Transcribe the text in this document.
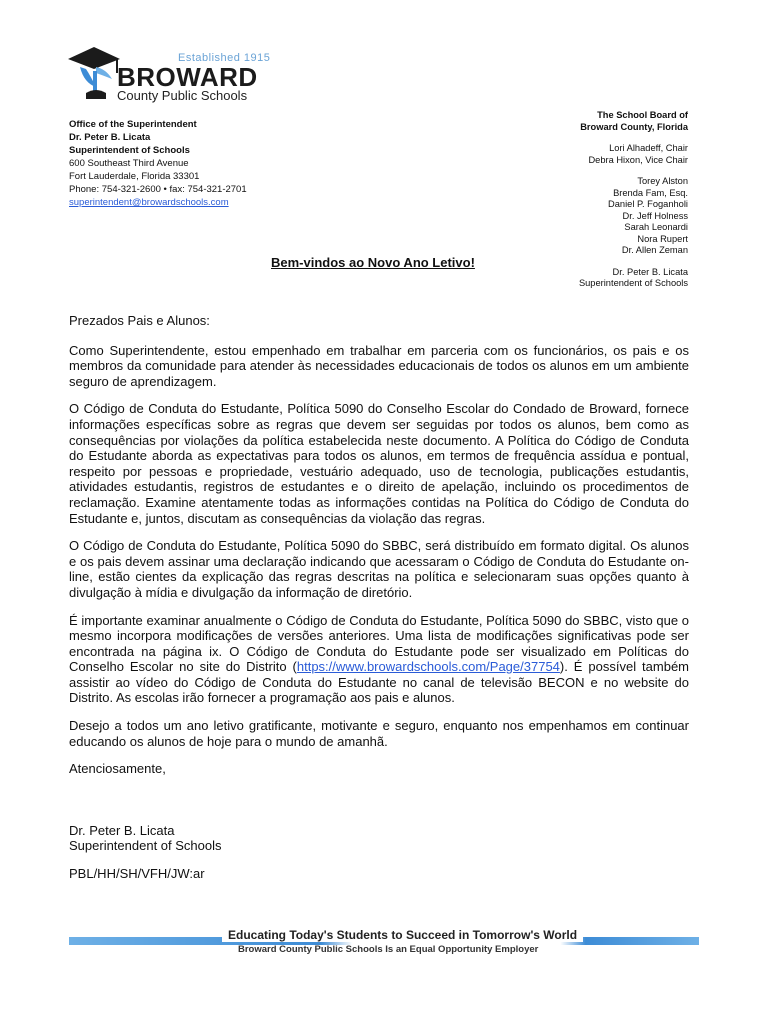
Established 1915
BROWARD
County Public Schools
Office of the Superintendent
Dr. Peter B. Licata
Superintendent of Schools
600 Southeast Third Avenue
Fort Lauderdale, Florida 33301
Phone: 754-321-2600 • fax: 754-321-2701
superintendent@browardschools.com
The School Board of
Broward County, Florida
Lori Alhadeff, Chair
Debra Hixon, Vice Chair
Torey Alston
Brenda Fam, Esq.
Daniel P. Foganholi
Dr. Jeff Holness
Sarah Leonardi
Nora Rupert
Dr. Allen Zeman
Dr. Peter B. Licata
Superintendent of Schools
Bem-vindos ao Novo Ano Letivo!

Prezados Pais e Alunos:

Como Superintendente, estou empenhado em trabalhar em parceria com os funcionários, os pais e os membros da comunidade para atender às necessidades educacionais de todos os alunos em um ambiente seguro de aprendizagem.

O Código de Conduta do Estudante, Política 5090 do Conselho Escolar do Condado de Broward, fornece informações específicas sobre as regras que devem ser seguidas por todos os alunos, bem como as consequências por violações da política estabelecida neste documento. A Política do Código de Conduta do Estudante aborda as expectativas para todos os alunos, em termos de frequência assídua e pontual, respeito por pessoas e propriedade, vestuário adequado, uso de tecnologia, publicações estudantis, atividades estudantis, registros de estudantes e o direito de apelação, incluindo os procedimentos de reclamação. Examine atentamente todas as informações contidas na Política do Código de Conduta do Estudante e, juntos, discutam as consequências da violação das regras.

O Código de Conduta do Estudante, Política 5090 do SBBC, será distribuído em formato digital. Os alunos e os pais devem assinar uma declaração indicando que acessaram o Código de Conduta do Estudante on-line, estão cientes da explicação das regras descritas na política e selecionaram suas opções quanto à divulgação à mídia e divulgação da informação de diretório.

É importante examinar anualmente o Código de Conduta do Estudante, Política 5090 do SBBC, visto que o mesmo incorpora modificações de versões anteriores. Uma lista de modificações significativas pode ser encontrada na página ix. O Código de Conduta do Estudante pode ser visualizado em Políticas do Conselho Escolar no site do Distrito (https://www.browardschools.com/Page/37754). É possível também assistir ao vídeo do Código de Conduta do Estudante no canal de televisão BECON e no website do Distrito. As escolas irão fornecer a programação aos pais e alunos.

Desejo a todos um ano letivo gratificante, motivante e seguro, enquanto nos empenhamos em continuar educando os alunos de hoje para o mundo de amanhã.

Atenciosamente,

Dr. Peter B. Licata

Superintendent of Schools

PBL/HH/SH/VFH/JW:ar

Educating Today's Students to Succeed in Tomorrow's World
Broward County Public Schools Is an Equal Opportunity Employer
